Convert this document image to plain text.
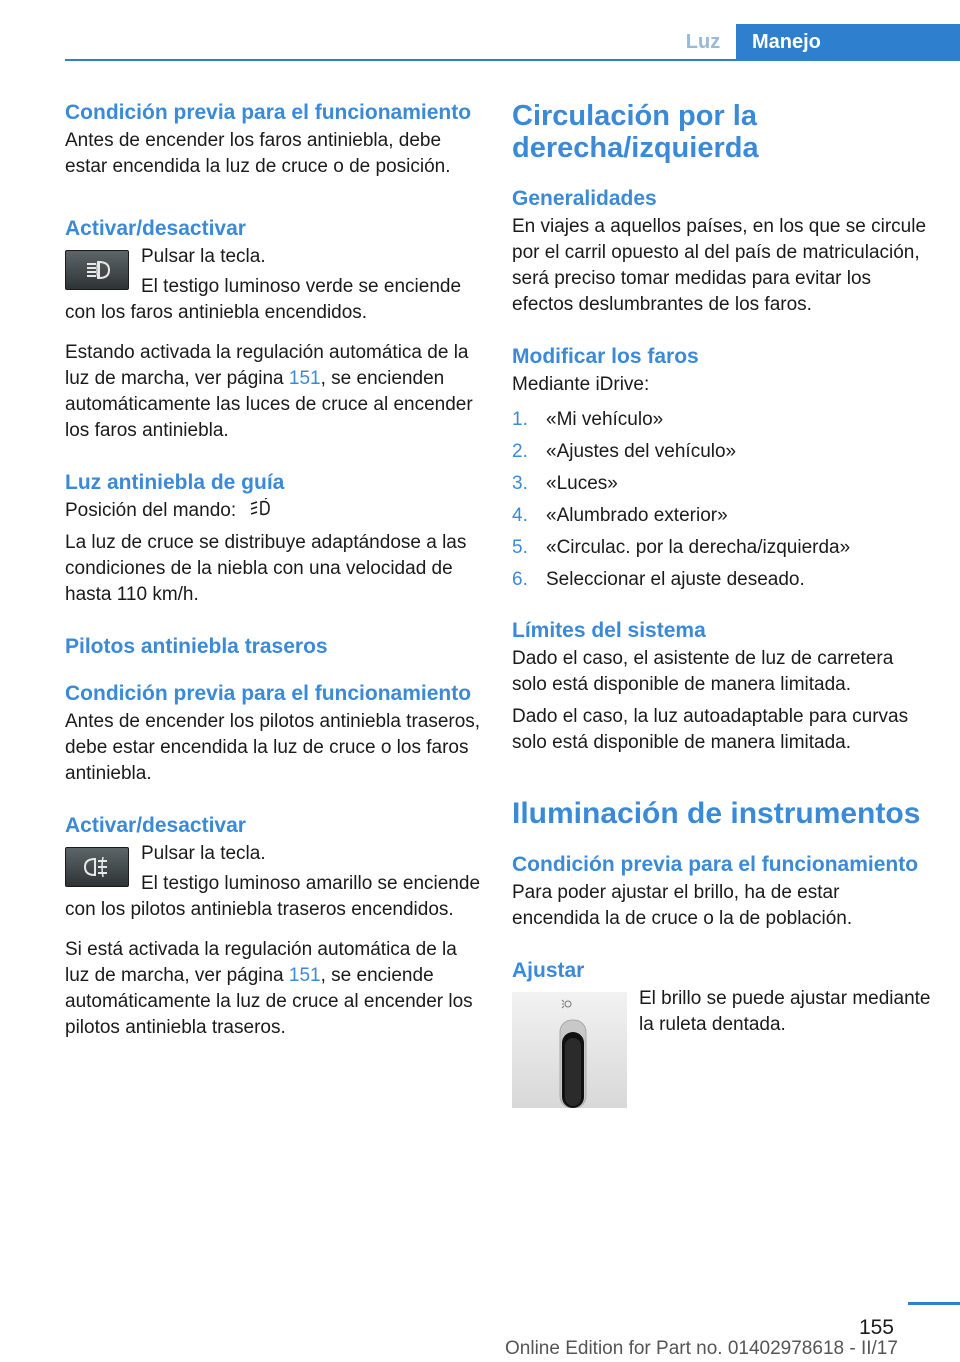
Luz	Manejo
Condición previa para el funcionamiento

Antes de encender los faros antiniebla, debe estar encendida la luz de cruce o de posición.

Activar/desactivar

Pulsar la tecla.

El testigo luminoso verde se enciende con los faros antiniebla encendidos.

Estando activada la regulación automática de la luz de marcha, ver página 151, se encienden automáticamente las luces de cruce al encender los faros antiniebla.

Luz antiniebla de guía

Posición del mando:

La luz de cruce se distribuye adaptándose a las condiciones de la niebla con una velocidad de hasta 110 km/h.

Pilotos antiniebla traseros
Condición previa para el funcionamiento

Antes de encender los pilotos antiniebla traseros, debe estar encendida la luz de cruce o los faros antiniebla.

Activar/desactivar

Pulsar la tecla.

El testigo luminoso amarillo se enciende con los pilotos antiniebla traseros encendidos.

Si está activada la regulación automática de la luz de marcha, ver página 151, se enciende automáticamente la luz de cruce al encender los pilotos antiniebla traseros.

Circulación por la derecha/izquierda
Generalidades

En viajes a aquellos países, en los que se circule por el carril opuesto al del país de matriculación, será preciso tomar medidas para evitar los efectos deslumbrantes de los faros.

Modificar los faros

Mediante iDrive:

1. «Mi vehículo»
2. «Ajustes del vehículo»
3. «Luces»
4. «Alumbrado exterior»
5. «Circulac. por la derecha/izquierda»
6. Seleccionar el ajuste deseado.
Límites del sistema

Dado el caso, el asistente de luz de carretera solo está disponible de manera limitada.

Dado el caso, la luz autoadaptable para curvas solo está disponible de manera limitada.

Iluminación de instrumentos
Condición previa para el funcionamiento

Para poder ajustar el brillo, ha de estar encendida la de cruce o la de población.

Ajustar

El brillo se puede ajustar mediante la ruleta dentada.

155
Online Edition for Part no. 01402978618 - II/17
